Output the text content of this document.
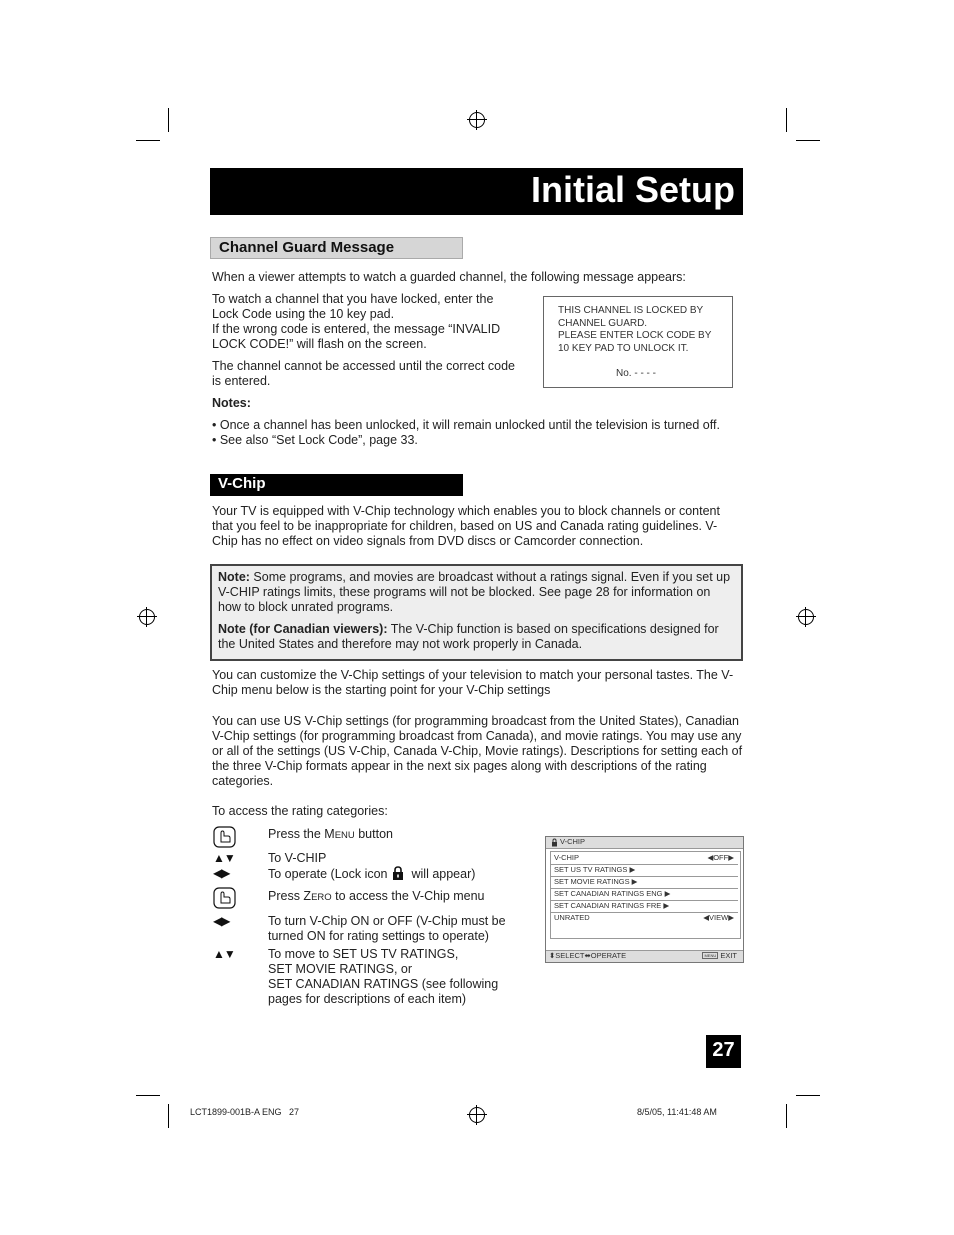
Initial Setup
Channel Guard Message
When a viewer attempts to watch a guarded channel, the following message appears:
To watch a channel that you have locked, enter the Lock Code using the 10 key pad.
If the wrong code is entered, the message “INVALID LOCK CODE!” will flash on the screen.
The channel cannot be accessed until the correct code is entered.
THIS CHANNEL IS LOCKED BY
CHANNEL GUARD.
PLEASE ENTER LOCK CODE BY
10 KEY PAD TO UNLOCK IT.
No. - - - -
Notes:
• Once a channel has been unlocked, it will remain unlocked until the television is turned off.
• See also “Set Lock Code”, page 33.
V-Chip
Your TV is equipped with V-Chip technology which enables you to block channels or content that you feel to be inappropriate for children, based on US and Canada rating guidelines. V-Chip has no effect on video signals from DVD discs or Camcorder connection.
Note: Some programs, and movies are broadcast without a ratings signal. Even if you set up V-CHIP ratings limits, these programs will not be blocked. See page 28 for information on how to block unrated programs.
Note (for Canadian viewers): The V-Chip function is based on specifications designed for the United States and therefore may not work properly in Canada.
You can customize the V-Chip settings of your television to match your personal tastes. The V-Chip menu below is the starting point for your V-Chip settings
You can use US V-Chip settings (for programming broadcast from the United States), Canadian V-Chip settings (for programming broadcast from Canada), and movie ratings. You may use any or all of the settings (US V-Chip, Canada V-Chip, Movie ratings). Descriptions for setting each of the three V-Chip formats appear in the next six pages along with descriptions of the rating categories.
To access the rating categories:
Press the MENU button
▲▼	To V-CHIP
◀▶	To operate (Lock icon will appear)
Press ZERO to access the V-Chip menu
◀▶	To turn V-Chip ON or OFF (V-Chip must be turned ON for rating settings to operate)
▲▼	To move to SET US TV RATINGS,
SET MOVIE RATINGS, or
SET CANADIAN RATINGS (see following pages for descriptions of each item)
V-CHIP
V-CHIP	◀OFF▶
SET US TV RATINGS ▶
SET MOVIE RATINGS ▶
SET CANADIAN RATINGS ENG ▶
SET CANADIAN RATINGS FRE ▶
UNRATED	◀VIEW▶
⬍SELECT⬌OPERATE	MENU EXIT
27
LCT1899-001B-A ENG   27	8/5/05, 11:41:48 AM
